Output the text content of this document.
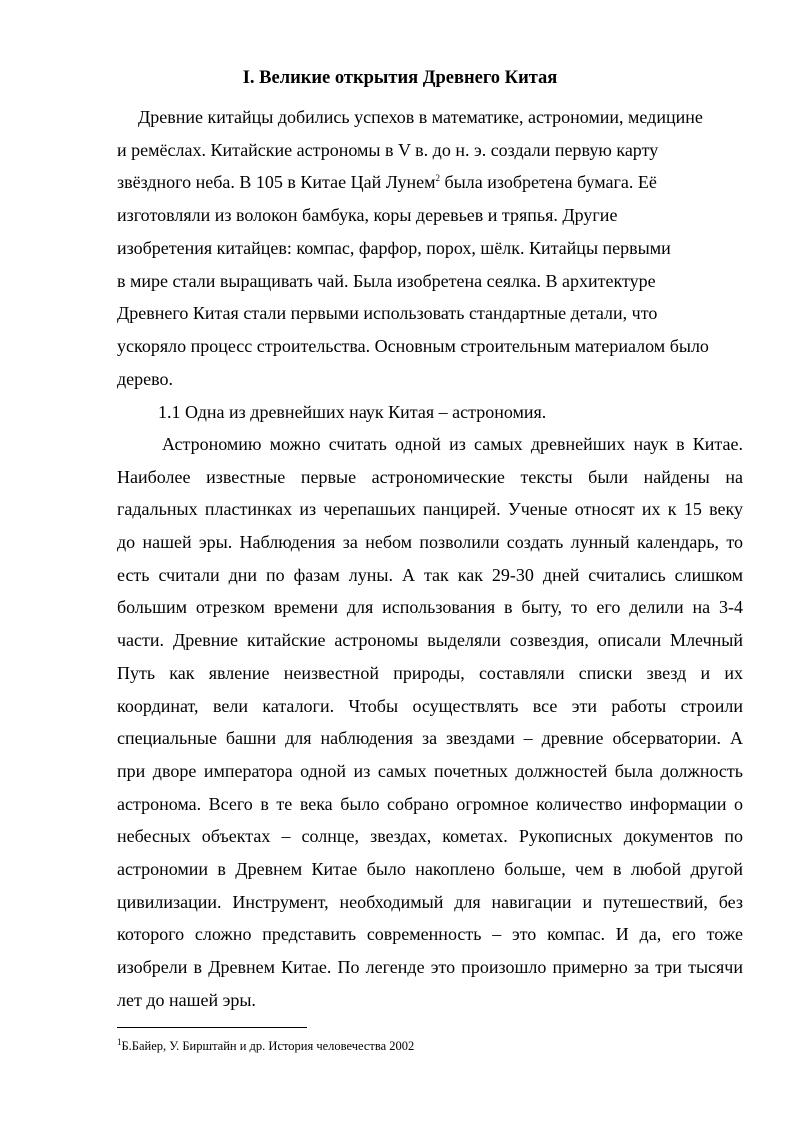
I. Великие открытия Древнего Китая
Древние китайцы добились успехов в математике, астрономии, медицине
и ремёслах. Китайские астрономы в V в. до н. э. создали первую карту
звёздного неба. В 105 в Китае Цай Лунем$^2$ была изобретена бумага. Её
изготовляли из волокон бамбука, коры деревьев и тряпья. Другие
изобретения китайцев: компас, фарфор, порох, шёлк. Китайцы первыми
в мире стали выращивать чай. Была изобретена сеялка. В архитектуре
Древнего Китая стали первыми использовать стандартные детали, что
ускоряло процесс строительства. Основным строительным материалом было
дерево.
1.1 Одна из древнейших наук Китая – астрономия.
Астрономию можно считать одной из самых древнейших наук в Китае.
Наиболее известные первые астрономические тексты были найдены на
гадальных пластинках из черепашьих панцирей. Ученые относят их к 15 веку
до нашей эры. Наблюдения за небом позволили создать лунный календарь, то
есть считали дни по фазам луны. А так как 29-30 дней считались слишком
большим отрезком времени для использования в быту, то его делили на 3-4
части. Древние китайские астрономы выделяли созвездия, описали Млечный
Путь как явление неизвестной природы, составляли списки звезд и их
координат, вели каталоги. Чтобы осуществлять все эти работы строили
специальные башни для наблюдения за звездами – древние обсерватории. А
при дворе императора одной из самых почетных должностей была должность
астронома. Всего в те века было собрано огромное количество информации о
небесных объектах – солнце, звездах, кометах. Рукописных документов по
астрономии в Древнем Китае было накоплено больше, чем в любой другой
цивилизации. Инструмент, необходимый для навигации и путешествий, без
которого сложно представить современность – это компас. И да, его тоже
изобрели в Древнем Китае. По легенде это произошло примерно за три тысячи
лет до нашей эры.
$^1$Б.Байер, У. Бирштайн и др. История человечества 2002
